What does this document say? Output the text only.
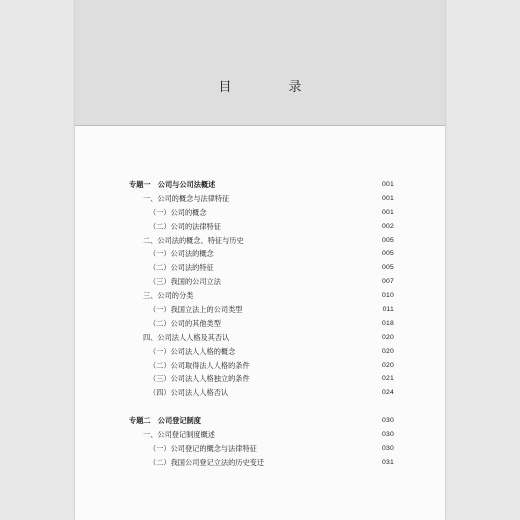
目　录
专题一　公司与公司法概述	001
一、公司的概念与法律特征	001
（一）公司的概念	001
（二）公司的法律特征	002
二、公司法的概念、特征与历史	005
（一）公司法的概念	005
（二）公司法的特征	005
（三）我国的公司立法	007
三、公司的分类	010
（一）我国立法上的公司类型	011
（二）公司的其他类型	018
四、公司法人人格及其否认	020
（一）公司法人人格的概念	020
（二）公司取得法人人格的条件	020
（三）公司法人人格独立的条件	021
（四）公司法人人格否认	024
专题二　公司登记制度	030
一、公司登记制度概述	030
（一）公司登记的概念与法律特征	030
（二）我国公司登记立法的历史变迁	031
